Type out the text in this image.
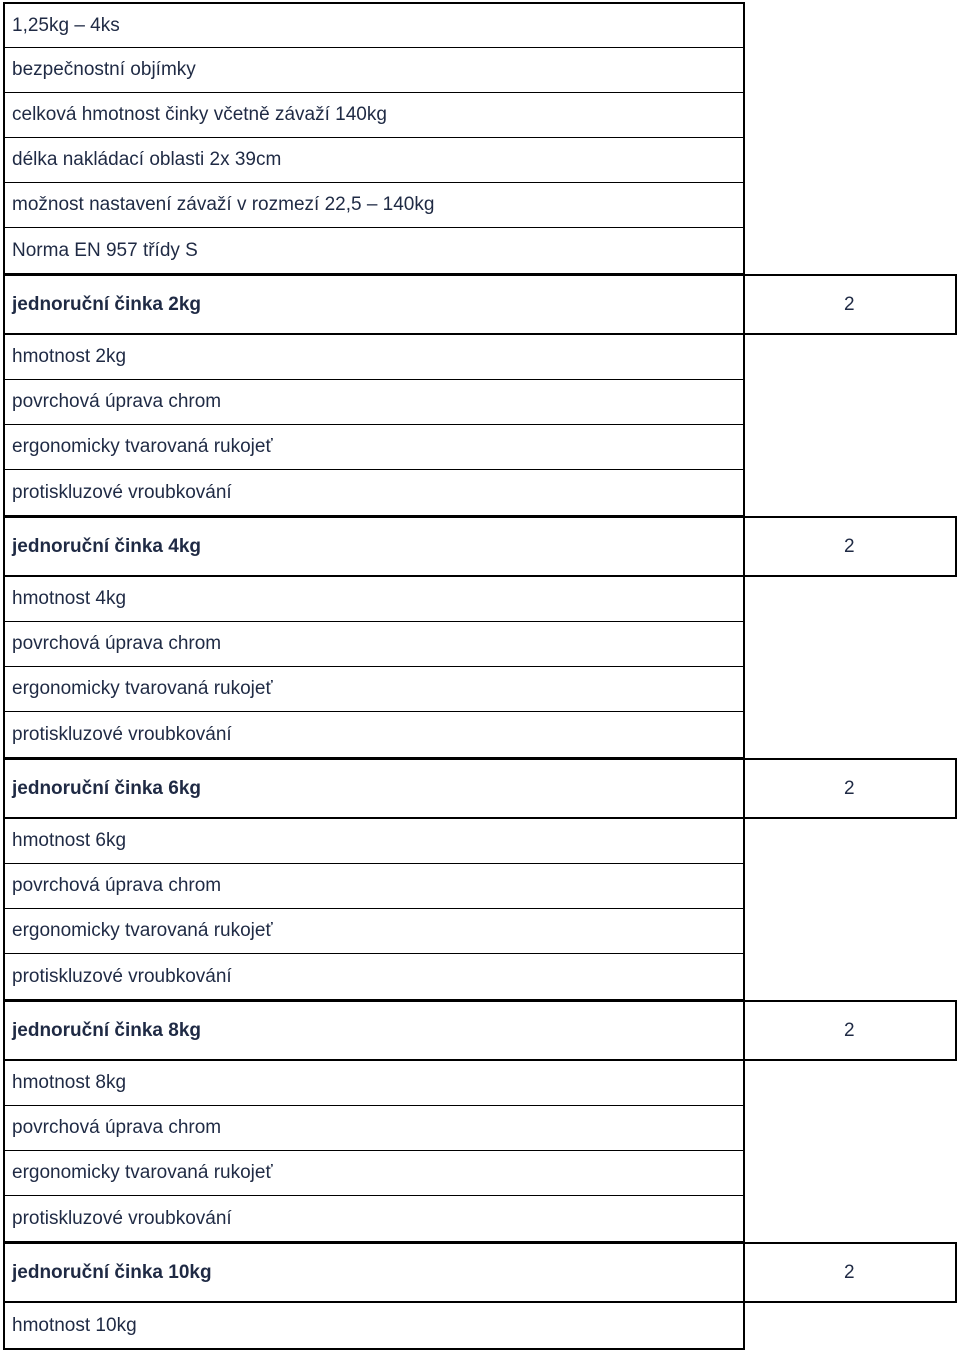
1,25kg – 4ks
bezpečnostní objímky
celková hmotnost činky včetně závaží 140kg
délka nakládací oblasti 2x 39cm
možnost nastavení závaží v rozmezí 22,5 – 140kg
Norma EN 957 třídy S
jednoruční činka 2kg	2
hmotnost 2kg
povrchová úprava chrom
ergonomicky tvarovaná rukojeť
protiskluzové vroubkování
jednoruční činka 4kg	2
hmotnost 4kg
povrchová úprava chrom
ergonomicky tvarovaná rukojeť
protiskluzové vroubkování
jednoruční činka 6kg	2
hmotnost 6kg
povrchová úprava chrom
ergonomicky tvarovaná rukojeť
protiskluzové vroubkování
jednoruční činka 8kg	2
hmotnost 8kg
povrchová úprava chrom
ergonomicky tvarovaná rukojeť
protiskluzové vroubkování
jednoruční činka 10kg	2
hmotnost 10kg
